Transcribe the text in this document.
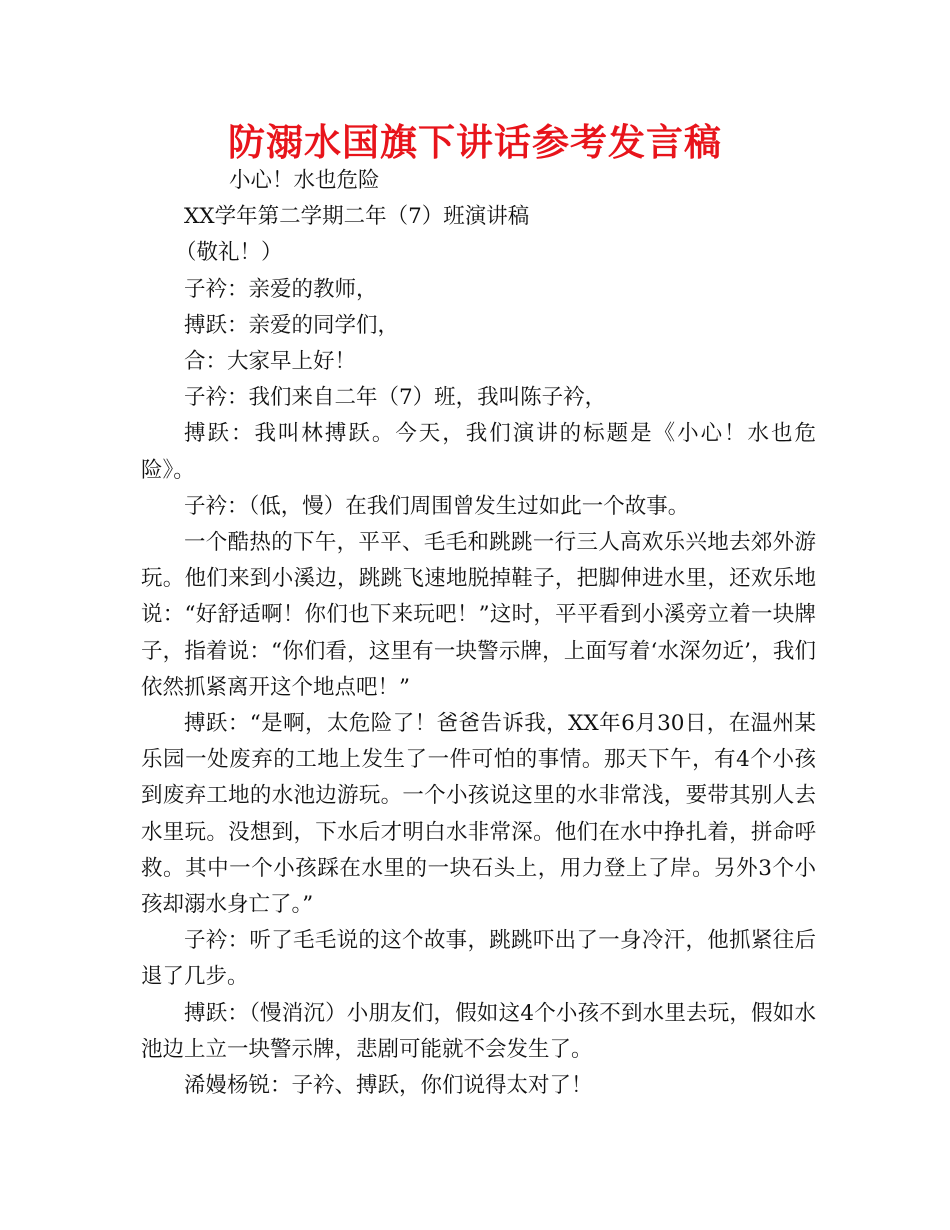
防溺水国旗下讲话参考发言稿

小心！水也危险

XX学年第二学期二年（7）班演讲稿

（敬礼！）

子衿：亲爱的教师，

搏跃：亲爱的同学们，

合：大家早上好！

子衿：我们来自二年（7）班，我叫陈子衿，

搏跃：我叫林搏跃。今天，我们演讲的标题是《小心！水也危险》。

子衿：（低，慢）在我们周围曾发生过如此一个故事。

一个酷热的下午，平平、毛毛和跳跳一行三人高欢乐兴地去郊外游玩。他们来到小溪边，跳跳飞速地脱掉鞋子，把脚伸进水里，还欢乐地说：“好舒适啊！你们也下来玩吧！”这时，平平看到小溪旁立着一块牌子，指着说：“你们看，这里有一块警示牌，上面写着‘水深勿近’，我们依然抓紧离开这个地点吧！”

搏跃：“是啊，太危险了！爸爸告诉我，XX年6月30日，在温州某乐园一处废弃的工地上发生了一件可怕的事情。那天下午，有4个小孩到废弃工地的水池边游玩。一个小孩说这里的水非常浅，要带其别人去水里玩。没想到，下水后才明白水非常深。他们在水中挣扎着，拼命呼救。其中一个小孩踩在水里的一块石头上，用力登上了岸。另外3个小孩却溺水身亡了。”

子衿：听了毛毛说的这个故事，跳跳吓出了一身冷汗，他抓紧往后退了几步。

搏跃：（慢消沉）小朋友们，假如这4个小孩不到水里去玩，假如水池边上立一块警示牌，悲剧可能就不会发生了。

浠嫚杨锐：子衿、搏跃，你们说得太对了！
